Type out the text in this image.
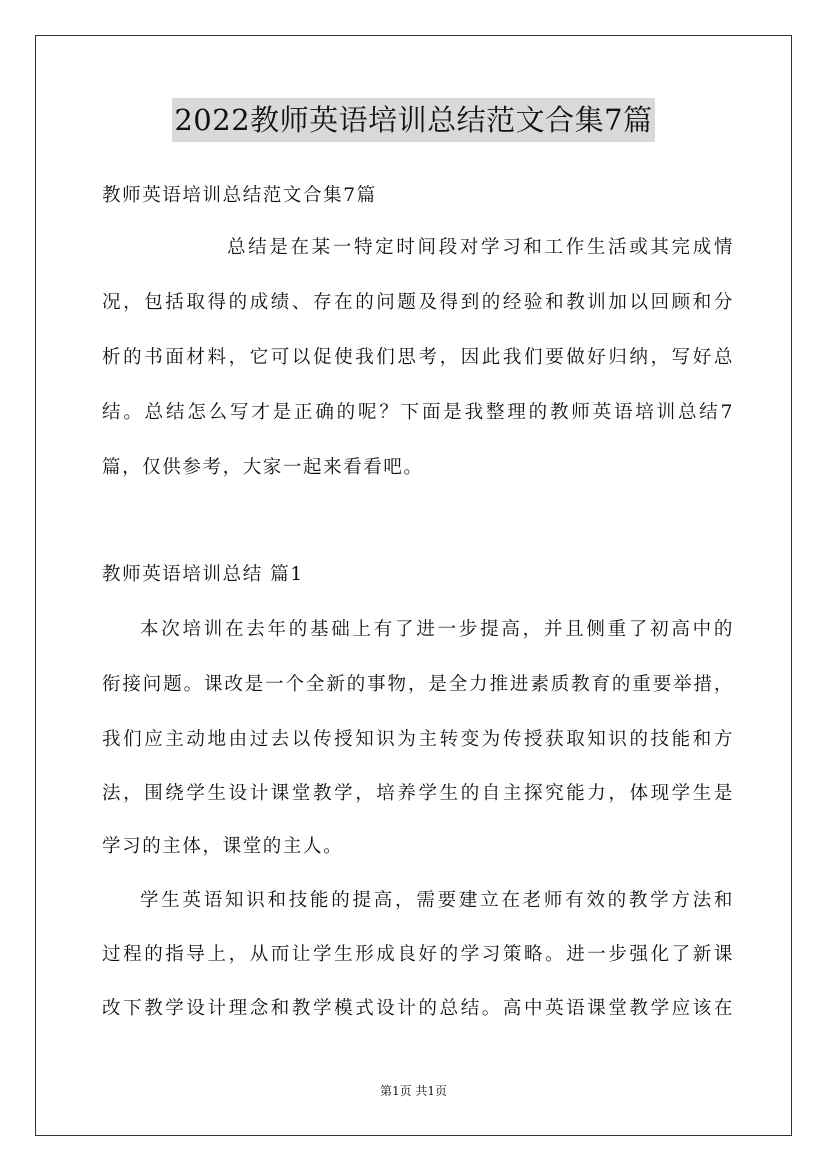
2022教师英语培训总结范文合集7篇
教师英语培训总结范文合集7篇
总结是在某一特定时间段对学习和工作生活或其完成情
况，包括取得的成绩、存在的问题及得到的经验和教训加以回顾和分
析的书面材料，它可以促使我们思考，因此我们要做好归纳，写好总
结。总结怎么写才是正确的呢？下面是我整理的教师英语培训总结7
篇，仅供参考，大家一起来看看吧。
教师英语培训总结 篇1
本次培训在去年的基础上有了进一步提高，并且侧重了初高中的
衔接问题。课改是一个全新的事物，是全力推进素质教育的重要举措，
我们应主动地由过去以传授知识为主转变为传授获取知识的技能和方
法，围绕学生设计课堂教学，培养学生的自主探究能力，体现学生是
学习的主体，课堂的主人。
学生英语知识和技能的提高，需要建立在老师有效的教学方法和
过程的指导上，从而让学生形成良好的学习策略。进一步强化了新课
改下教学设计理念和教学模式设计的总结。高中英语课堂教学应该在
第1页 共1页
